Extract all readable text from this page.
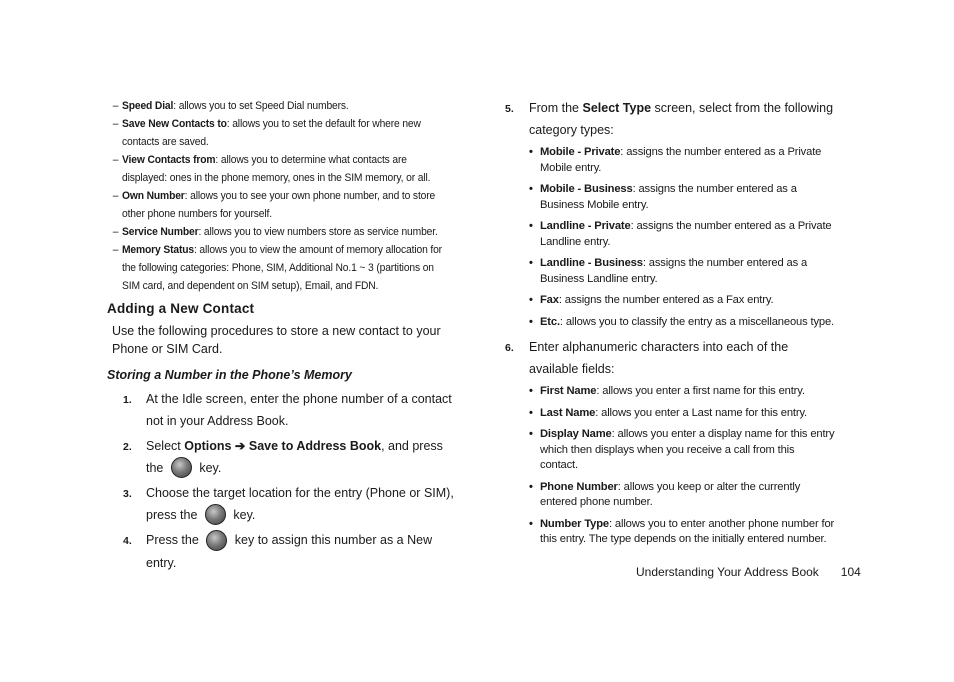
– Speed Dial: allows you to set Speed Dial numbers.
– Save New Contacts to: allows you to set the default for where new contacts are saved.
– View Contacts from: allows you to determine what contacts are displayed: ones in the phone memory, ones in the SIM memory, or all.
– Own Number: allows you to see your own phone number, and to store other phone numbers for yourself.
– Service Number: allows you to view numbers store as service number.
– Memory Status: allows you to view the amount of memory allocation for the following categories: Phone, SIM, Additional No.1 ~ 3 (partitions on SIM card, and dependent on SIM setup), Email, and FDN.
Adding a New Contact

Use the following procedures to store a new contact to your Phone or SIM Card.

Storing a Number in the Phone’s Memory
1. At the Idle screen, enter the phone number of a contact not in your Address Book.
2. Select Options ➔ Save to Address Book, and press the	key.
3. Choose the target location for the entry (Phone or SIM), press the	key.
4. Press the	key to assign this number as a New entry.
5. From the Select Type screen, select from the following category types:
• Mobile - Private: assigns the number entered as a Private Mobile entry.
• Mobile - Business: assigns the number entered as a Business Mobile entry.
• Landline - Private: assigns the number entered as a Private Landline entry.
• Landline - Business: assigns the number entered as a Business Landline entry.
• Fax: assigns the number entered as a Fax entry.
• Etc.: allows you to classify the entry as a miscellaneous type.
6. Enter alphanumeric characters into each of the available fields:
• First Name: allows you enter a first name for this entry.
• Last Name: allows you enter a Last name for this entry.
• Display Name: allows you enter a display name for this entry which then displays when you receive a call from this contact.
• Phone Number: allows you keep or alter the currently entered phone number.
• Number Type: allows you to enter another phone number for this entry. The type depends on the initially entered number.
Understanding Your Address Book 104
